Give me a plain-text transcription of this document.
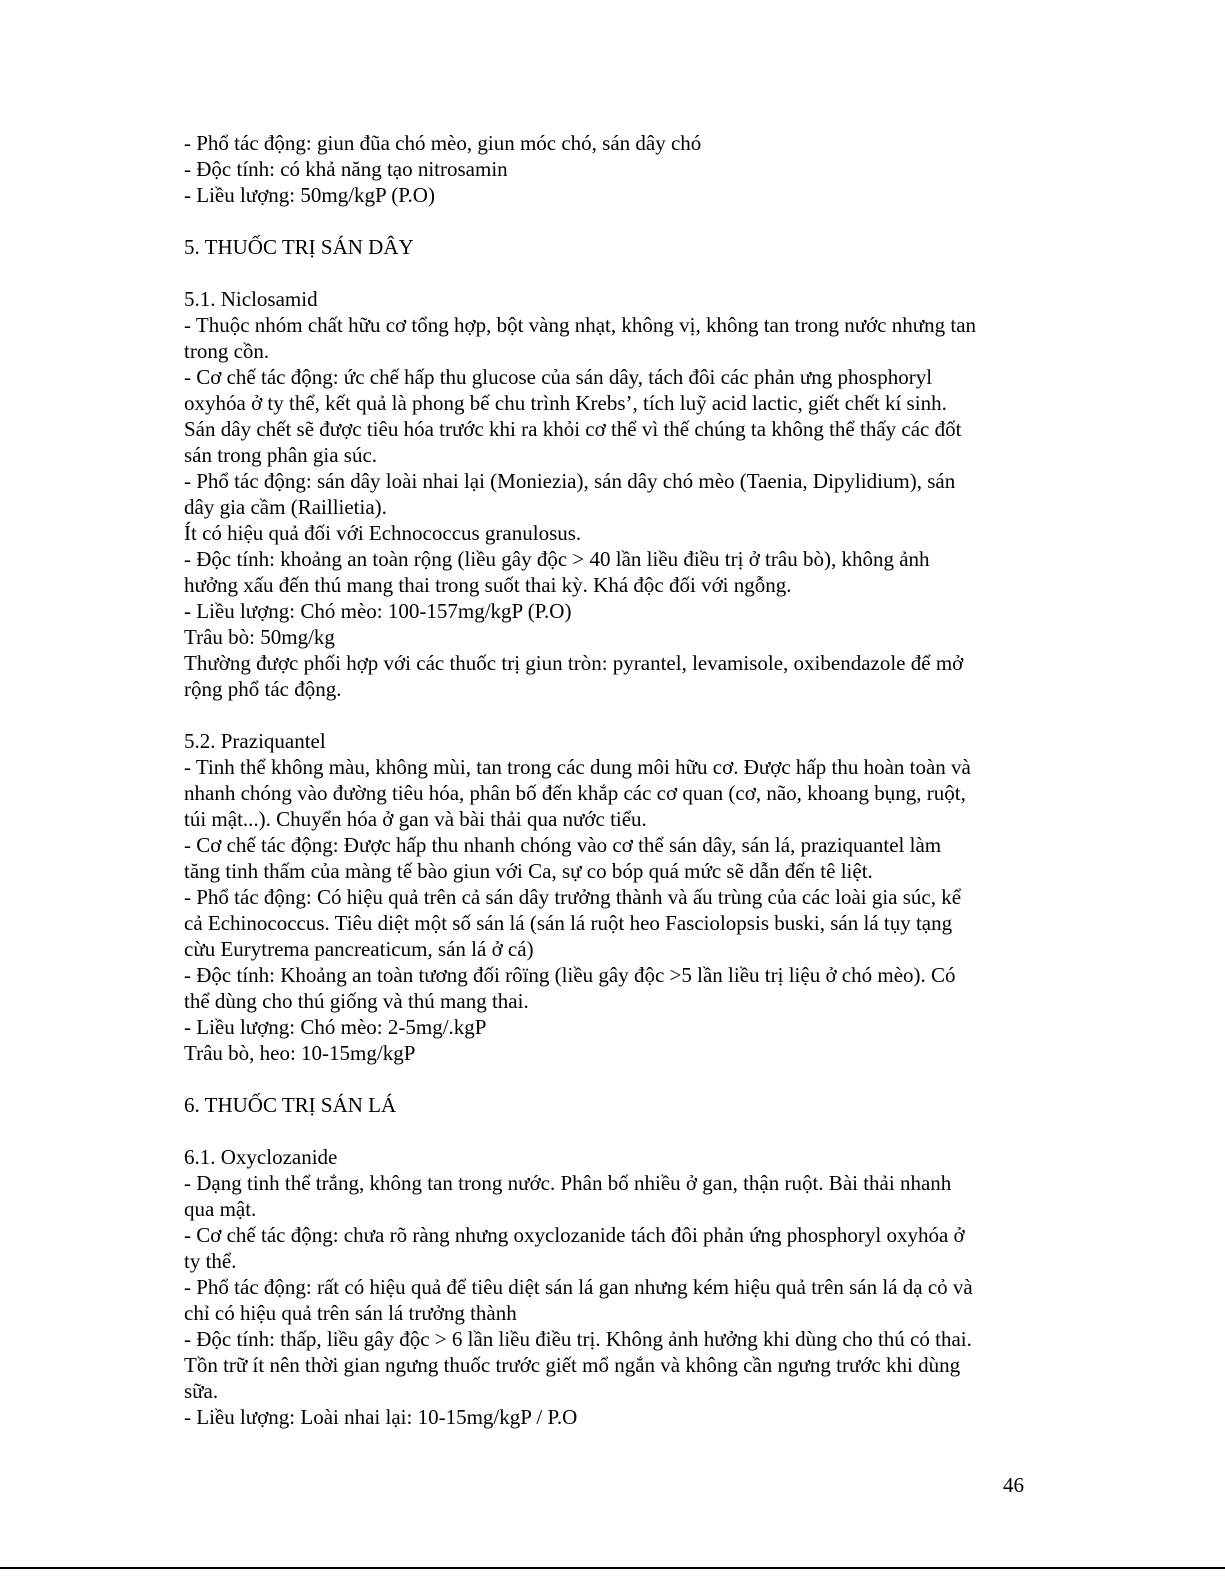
- Phổ tác động: giun đũa chó mèo, giun móc chó, sán dây chó
- Độc tính: có khả năng tạo nitrosamin
- Liều lượng: 50mg/kgP (P.O)
5. THUỐC TRỊ SÁN DÂY
5.1. Niclosamid
- Thuộc nhóm chất hữu cơ tổng hợp, bột vàng nhạt, không vị, không tan trong nước nhưng tan
trong cồn.
- Cơ chế tác động: ức chế hấp thu glucose của sán dây, tách đôi các phản ưng phosphoryl
oxyhóa ở ty thể, kết quả là phong bế chu trình Krebs’, tích luỹ acid lactic, giết chết kí sinh.
Sán dây chết sẽ được tiêu hóa trước khi ra khỏi cơ thể vì thế chúng ta không thể thấy các đốt
sán trong phân gia súc.
- Phổ tác động: sán dây loài nhai lại (Moniezia), sán dây chó mèo (Taenia, Dipylidium), sán
dây gia cầm (Raillietia).
Ít có hiệu quả đối với Echnococcus granulosus.
- Độc tính: khoảng an toàn rộng (liều gây độc > 40 lần liều điều trị ở trâu bò), không ảnh
hưởng xấu đến thú mang thai trong suốt thai kỳ. Khá độc đối với ngỗng.
- Liều lượng: Chó mèo: 100-157mg/kgP (P.O)
Trâu bò: 50mg/kg
Thường được phối hợp với các thuốc trị giun tròn: pyrantel, levamisole, oxibendazole để mở
rộng phổ tác động.
5.2. Praziquantel
- Tinh thể không màu, không mùi, tan trong các dung môi hữu cơ. Được hấp thu hoàn toàn và
nhanh chóng vào đường tiêu hóa, phân bố đến khắp các cơ quan (cơ, não, khoang bụng, ruột,
túi mật...). Chuyển hóa ở gan và bài thải qua nước tiểu.
- Cơ chế tác động: Được hấp thu nhanh chóng vào cơ thể sán dây, sán lá, praziquantel làm
tăng tinh thấm của màng tế bào giun với Ca, sự co bóp quá mức sẽ dẫn đến tê liệt.
- Phổ tác động: Có hiệu quả trên cả sán dây trưởng thành và ấu trùng của các loài gia súc, kể
cả Echinococcus. Tiêu diệt một số sán lá (sán lá ruột heo Fasciolopsis buski, sán lá tụy tạng
cừu Eurytrema pancreaticum, sán lá ở cá)
- Độc tính: Khoảng an toàn tương đối rôïng (liều gây độc >5 lần liều trị liệu ở chó mèo). Có
thể dùng cho thú giống và thú mang thai.
- Liều lượng: Chó mèo: 2-5mg/.kgP
Trâu bò, heo: 10-15mg/kgP
6. THUỐC TRỊ SÁN LÁ
6.1. Oxyclozanide
- Dạng tinh thể trắng, không tan trong nước. Phân bố nhiều ở gan, thận ruột. Bài thải nhanh
qua mật.
- Cơ chế tác động: chưa rõ ràng nhưng oxyclozanide tách đôi phản ứng phosphoryl oxyhóa ở
ty thể.
- Phổ tác động: rất có hiệu quả để tiêu diệt sán lá gan nhưng kém hiệu quả trên sán lá dạ cỏ và
chỉ có hiệu quả trên sán lá trưởng thành
- Độc tính: thấp, liều gây độc > 6 lần liều điều trị. Không ảnh hưởng khi dùng cho thú có thai.
Tồn trữ ít nên thời gian ngưng thuốc trước giết mổ ngắn và không cần ngưng trước khi dùng
sữa.
- Liều lượng: Loài nhai lại: 10-15mg/kgP / P.O
46
